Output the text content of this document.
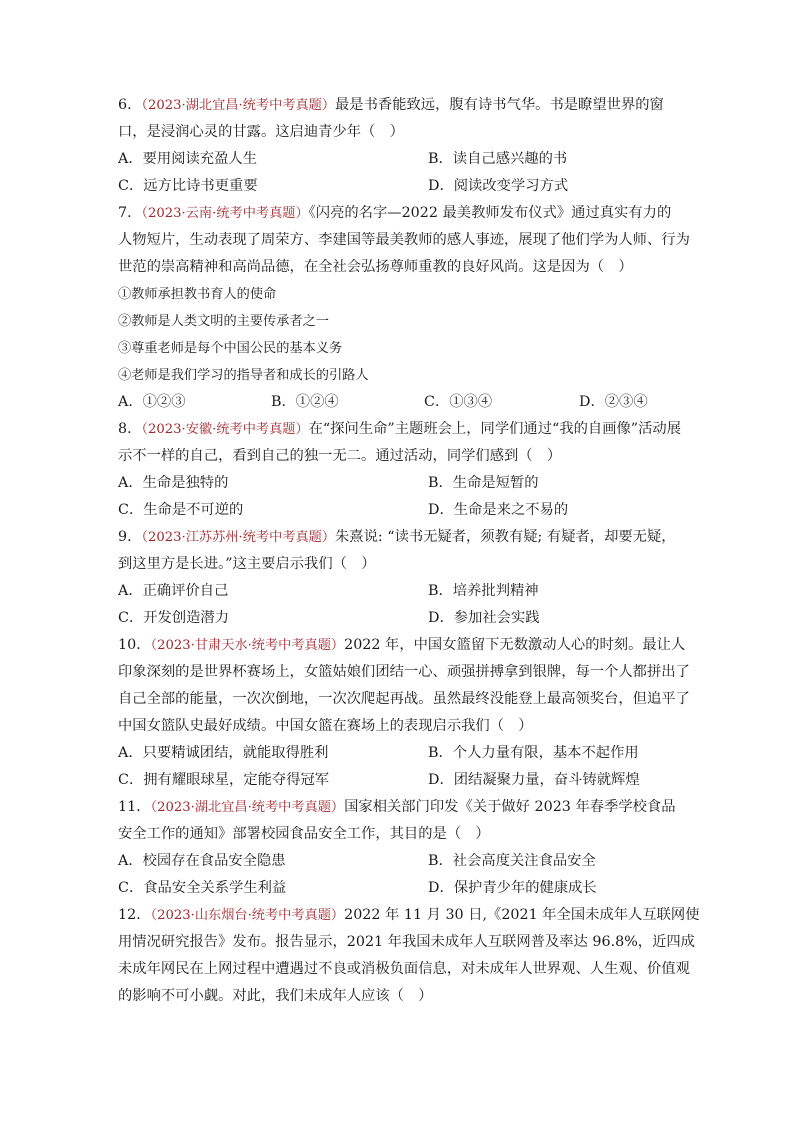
6．（2023·湖北宜昌·统考中考真题）最是书香能致远，腹有诗书气华。书是瞭望世界的窗
口，是浸润心灵的甘露。这启迪青少年（　）
A．要用阅读充盈人生	B．读自己感兴趣的书
C．远方比诗书更重要	D．阅读改变学习方式
7．（2023·云南·统考中考真题）《闪亮的名字—2022 最美教师发布仪式》通过真实有力的
人物短片，生动表现了周荣方、李建国等最美教师的感人事迹，展现了他们学为人师、行为
世范的崇高精神和高尚品德，在全社会弘扬尊师重教的良好风尚。这是因为（　）
①教师承担教书育人的使命
②教师是人类文明的主要传承者之一
③尊重老师是每个中国公民的基本义务
④老师是我们学习的指导者和成长的引路人
A．①②③	B．①②④	C．①③④	D．②③④
8．（2023·安徽·统考中考真题）在“探问生命”主题班会上，同学们通过“我的自画像”活动展
示不一样的自己，看到自己的独一无二。通过活动，同学们感到（　）
A．生命是独特的	B．生命是短暂的
C．生命是不可逆的	D．生命是来之不易的
9．（2023·江苏苏州·统考中考真题）朱熹说: “读书无疑者，须教有疑; 有疑者，却要无疑，
到这里方是长进。”这主要启示我们（　）
A．正确评价自己	B．培养批判精神
C．开发创造潜力	D．参加社会实践
10．（2023·甘肃天水·统考中考真题）2022 年，中国女篮留下无数激动人心的时刻。最让人
印象深刻的是世界杯赛场上，女篮姑娘们团结一心、顽强拼搏拿到银牌，每一个人都拼出了
自己全部的能量，一次次倒地，一次次爬起再战。虽然最终没能登上最高领奖台，但追平了
中国女篮队史最好成绩。中国女篮在赛场上的表现启示我们（　）
A．只要精诚团结，就能取得胜利	B．个人力量有限，基本不起作用
C．拥有耀眼球星，定能夺得冠军	D．团结凝聚力量，奋斗铸就辉煌
11．（2023·湖北宜昌·统考中考真题）国家相关部门印发《关于做好 2023 年春季学校食品
安全工作的通知》部署校园食品安全工作，其目的是（　）
A．校园存在食品安全隐患	B．社会高度关注食品安全
C．食品安全关系学生利益	D．保护青少年的健康成长
12．（2023·山东烟台·统考中考真题）2022 年 11 月 30 日,《2021 年全国未成年人互联网使
用情况研究报告》发布。报告显示，2021 年我国未成年人互联网普及率达 96.8%，近四成
未成年网民在上网过程中遭遇过不良或消极负面信息，对未成年人世界观、人生观、价值观
的影响不可小觑。对此，我们未成年人应该（　）
